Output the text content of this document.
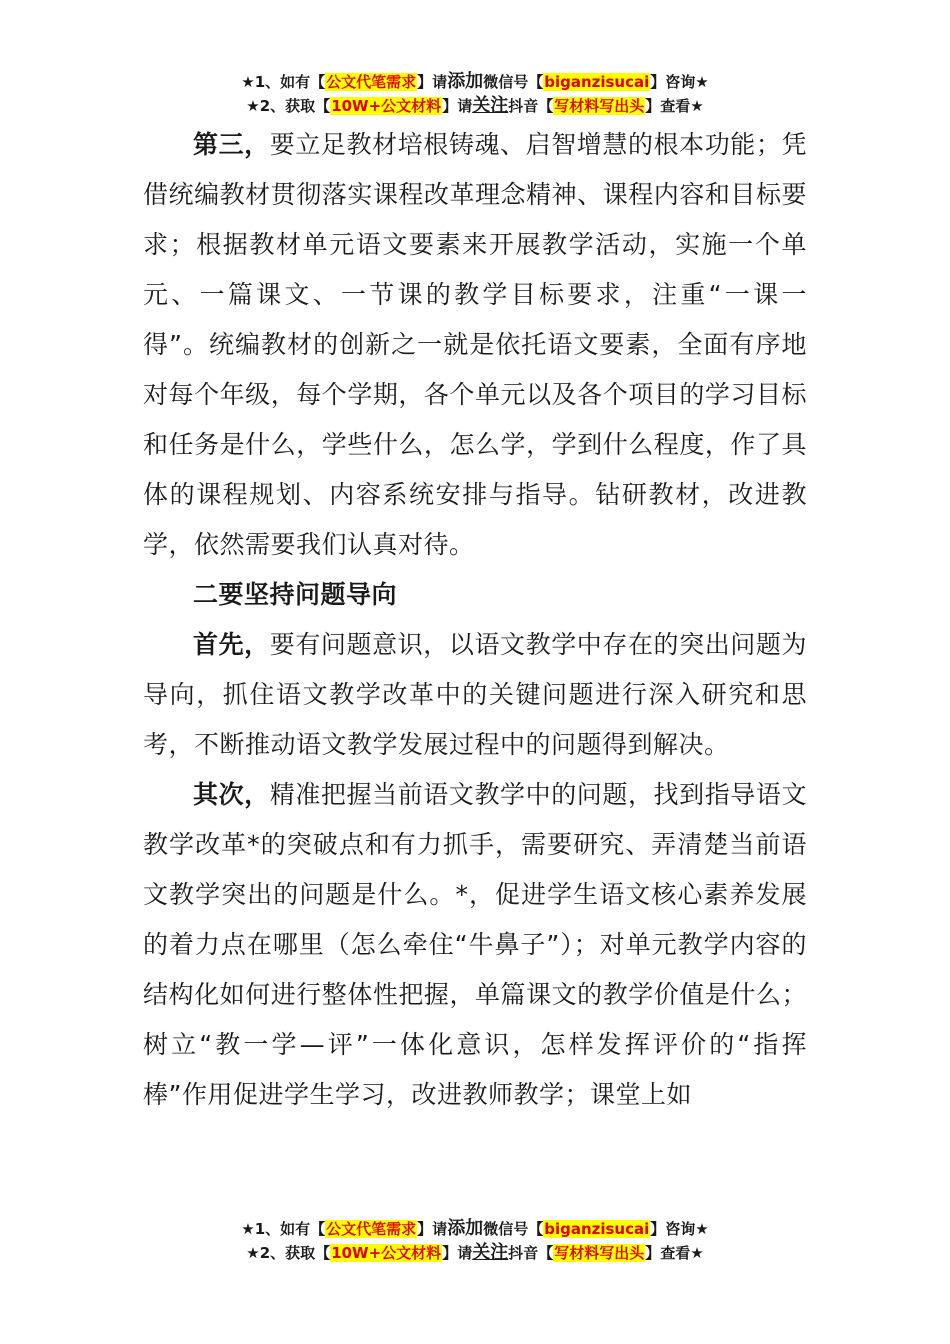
★1、如有【公文代笔需求】请添加微信号【biganzisucai】咨询★
★2、获取【10W+公文材料】请关注抖音【写材料写出头】查看★

第三，要立足教材培根铸魂、启智增慧的根本功能；凭借统编教材贯彻落实课程改革理念精神、课程内容和目标要求；根据教材单元语文要素来开展教学活动，实施一个单元、一篇课文、一节课的教学目标要求，注重“一课一得”。统编教材的创新之一就是依托语文要素，全面有序地对每个年级，每个学期，各个单元以及各个项目的学习目标和任务是什么，学些什么，怎么学，学到什么程度，作了具体的课程规划、内容系统安排与指导。钻研教材，改进教学，依然需要我们认真对待。

二要坚持问题导向

首先，要有问题意识，以语文教学中存在的突出问题为导向，抓住语文教学改革中的关键问题进行深入研究和思考，不断推动语文教学发展过程中的问题得到解决。

其次，精准把握当前语文教学中的问题，找到指导语文教学改革*的突破点和有力抓手，需要研究、弄清楚当前语文教学突出的问题是什么。*，促进学生语文核心素养发展的着力点在哪里（怎么牵住“牛鼻子”）；对单元教学内容的结构化如何进行整体性把握，单篇课文的教学价值是什么；树立“教一学—评”一体化意识，怎样发挥评价的“指挥棒”作用促进学生学习，改进教师教学；课堂上如

★1、如有【公文代笔需求】请添加微信号【biganzisucai】咨询★
★2、获取【10W+公文材料】请关注抖音【写材料写出头】查看★
